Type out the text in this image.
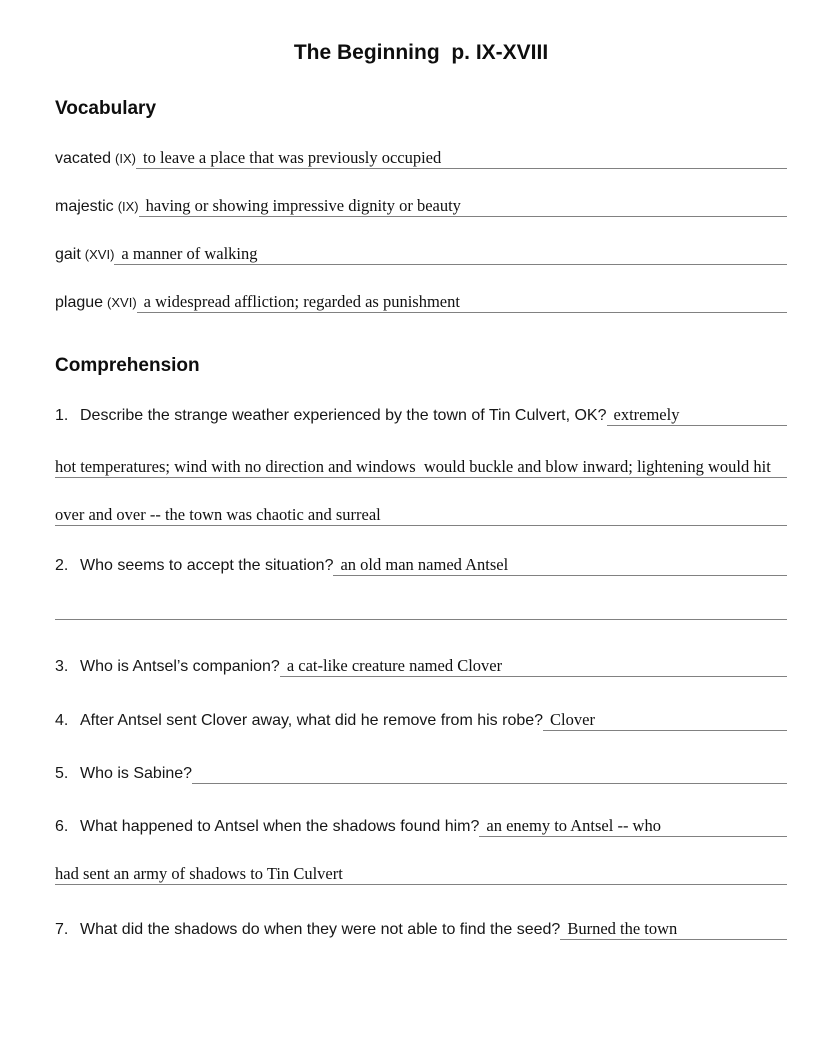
The Beginning  p. IX-XVIII
Vocabulary
vacated (IX) to leave a place that was previously occupied ​
majestic (IX) having or showing impressive dignity or beauty ​
gait (XVI) a manner of walking ​
plague (XVI) a widespread affliction; regarded as punishment ​
Comprehension
1. Describe the strange weather experienced by the town of Tin Culvert, OK? extremely ​
hot temperatures; wind with no direction and windows  would buckle and blow inward; lightening would hit ​
over and over -- the town was chaotic and surreal ​
2. Who seems to accept the situation? an old man named Antsel ​
​
3. Who is Antsel’s companion? a cat-like creature named Clover ​
4. After Antsel sent Clover away, what did he remove from his robe? Clover ​
5. Who is Sabine?
​
6. What happened to Antsel when the shadows found him? an enemy to Antsel -- who ​
had sent an army of shadows to Tin Culvert ​
7. What did the shadows do when they were not able to find the seed? Burned the town ​
